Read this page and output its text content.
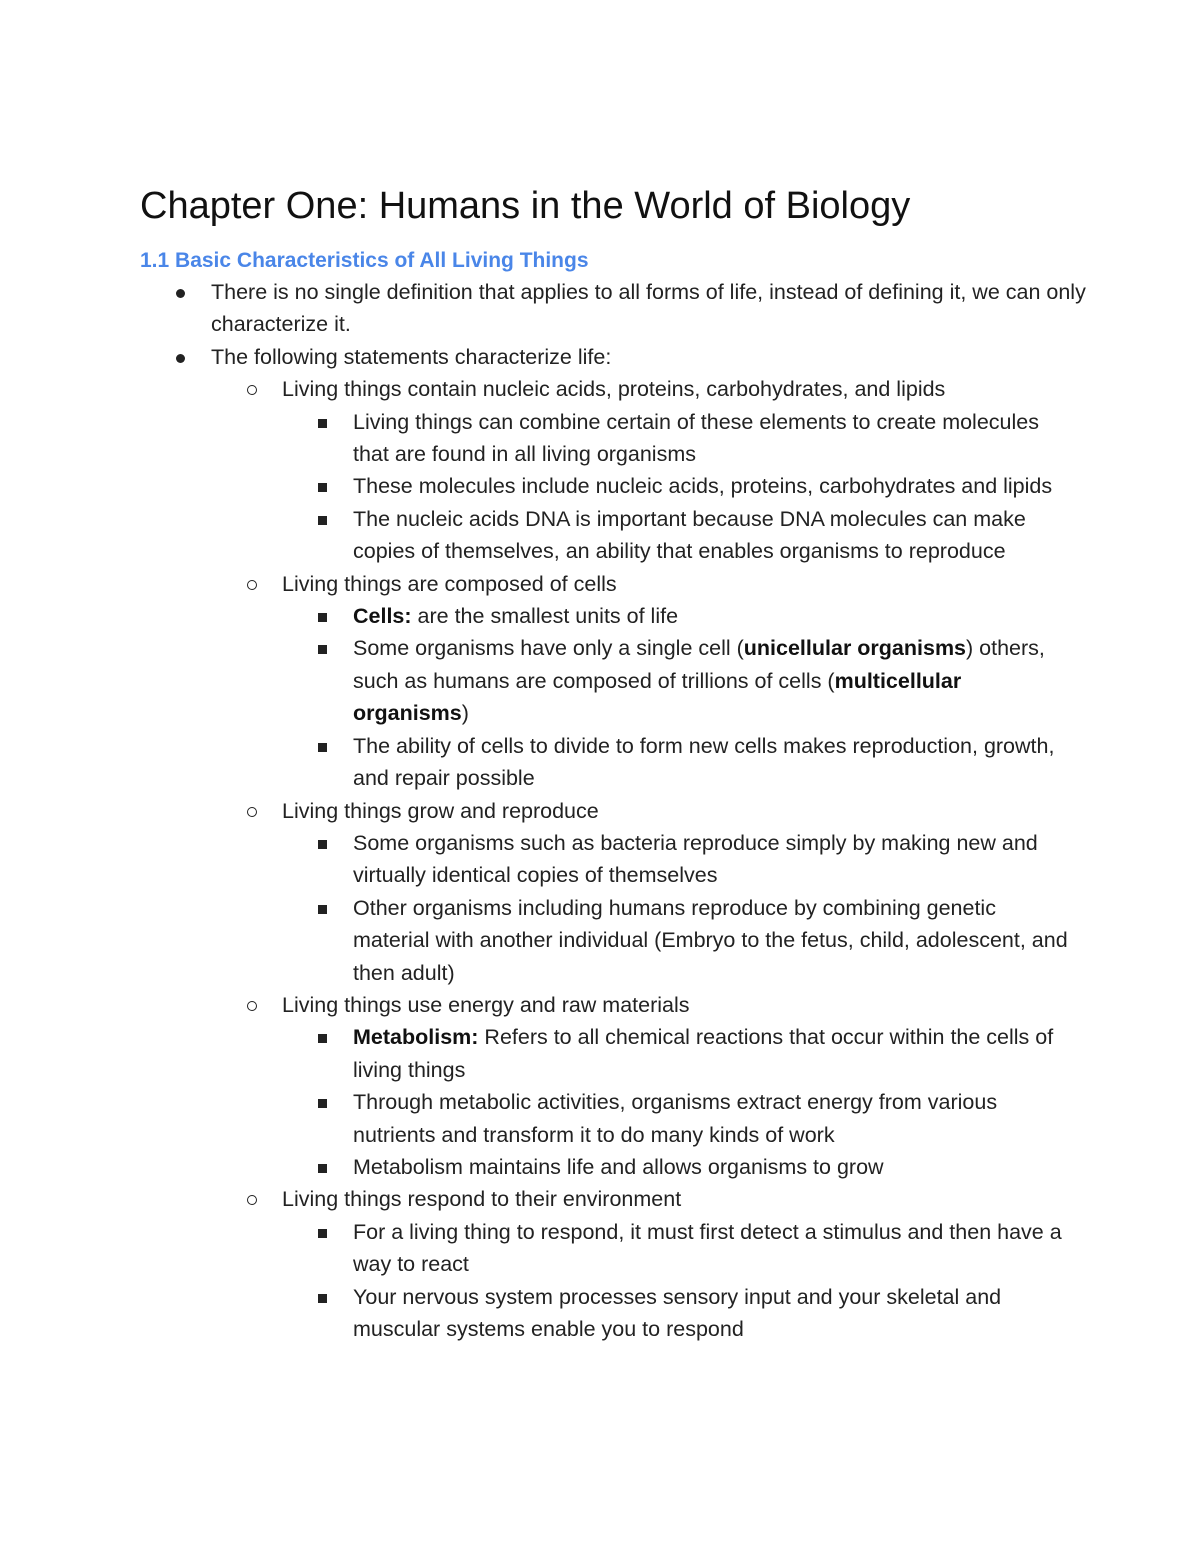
Chapter One: Humans in the World of Biology
1.1 Basic Characteristics of All Living Things
There is no single definition that applies to all forms of life, instead of defining it, we can only characterize it.
The following statements characterize life:
Living things contain nucleic acids, proteins, carbohydrates, and lipids
Living things can combine certain of these elements to create molecules that are found in all living organisms
These molecules include nucleic acids, proteins, carbohydrates and lipids
The nucleic acids DNA is important because DNA molecules can make copies of themselves, an ability that enables organisms to reproduce
Living things are composed of cells
Cells: are the smallest units of life
Some organisms have only a single cell (unicellular organisms) others, such as humans are composed of trillions of cells (multicellular organisms)
The ability of cells to divide to form new cells makes reproduction, growth, and repair possible
Living things grow and reproduce
Some organisms such as bacteria reproduce simply by making new and virtually identical copies of themselves
Other organisms including humans reproduce by combining genetic material with another individual (Embryo to the fetus, child, adolescent, and then adult)
Living things use energy and raw materials
Metabolism: Refers to all chemical reactions that occur within the cells of living things
Through metabolic activities, organisms extract energy from various nutrients and transform it to do many kinds of work
Metabolism maintains life and allows organisms to grow
Living things respond to their environment
For a living thing to respond, it must first detect a stimulus and then have a way to react
Your nervous system processes sensory input and your skeletal and muscular systems enable you to respond
